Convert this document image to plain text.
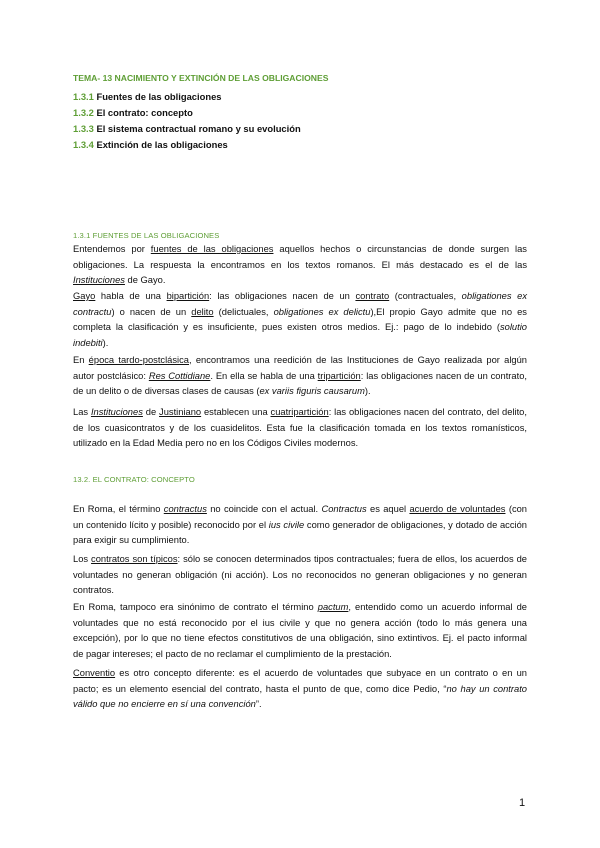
TEMA- 13 NACIMIENTO Y EXTINCIÓN DE LAS OBLIGACIONES
1.3.1 Fuentes de las obligaciones
1.3.2 El contrato: concepto
1.3.3 El sistema contractual romano y su evolución
1.3.4 Extinción de las obligaciones
1.3.1 FUENTES DE LAS OBLIGACIONES

Entendemos por fuentes de las obligaciones aquellos hechos o circunstancias de donde surgen las obligaciones. La respuesta la encontramos en los textos romanos. El más destacado es el de las Instituciones de Gayo.

Gayo habla de una bipartición: las obligaciones nacen de un contrato (contractuales, obligationes ex contractu) o nacen de un delito (delictuales, obligationes ex delictu),El propio Gayo admite que no es completa la clasificación y es insuficiente, pues existen otros medios. Ej.: pago de lo indebido (solutio indebiti).

En época tardo-postclásica, encontramos una reedición de las Instituciones de Gayo realizada por algún autor postclásico: Res Cottidiane. En ella se habla de una tripartición: las obligaciones nacen de un contrato, de un delito o de diversas clases de causas (ex variis figuris causarum).

Las Instituciones de Justiniano establecen una cuatripartición: las obligaciones nacen del contrato, del delito, de los cuasicontratos y de los cuasidelitos. Esta fue la clasificación tomada en los textos romanísticos, utilizado en la Edad Media pero no en los Códigos Civiles modernos.

13.2. EL CONTRATO: CONCEPTO

En Roma, el término contractus no coincide con el actual. Contractus es aquel acuerdo de voluntades (con un contenido lícito y posible) reconocido por el ius civile como generador de obligaciones, y dotado de acción para exigir su cumplimiento.

Los contratos son típicos: sólo se conocen determinados tipos contractuales; fuera de ellos, los acuerdos de voluntades no generan obligación (ni acción). Los no reconocidos no generan obligaciones y no generan contratos.

En Roma, tampoco era sinónimo de contrato el término pactum, entendido como un acuerdo informal de voluntades que no está reconocido por el ius civile y que no genera acción (todo lo más genera una excepción), por lo que no tiene efectos constitutivos de una obligación, sino extintivos. Ej. el pacto informal de pagar intereses; el pacto de no reclamar el cumplimiento de la prestación.

Conventio es otro concepto diferente: es el acuerdo de voluntades que subyace en un contrato o en un pacto; es un elemento esencial del contrato, hasta el punto de que, como dice Pedio, “no hay un contrato válido que no encierre en sí una convención”.

1
